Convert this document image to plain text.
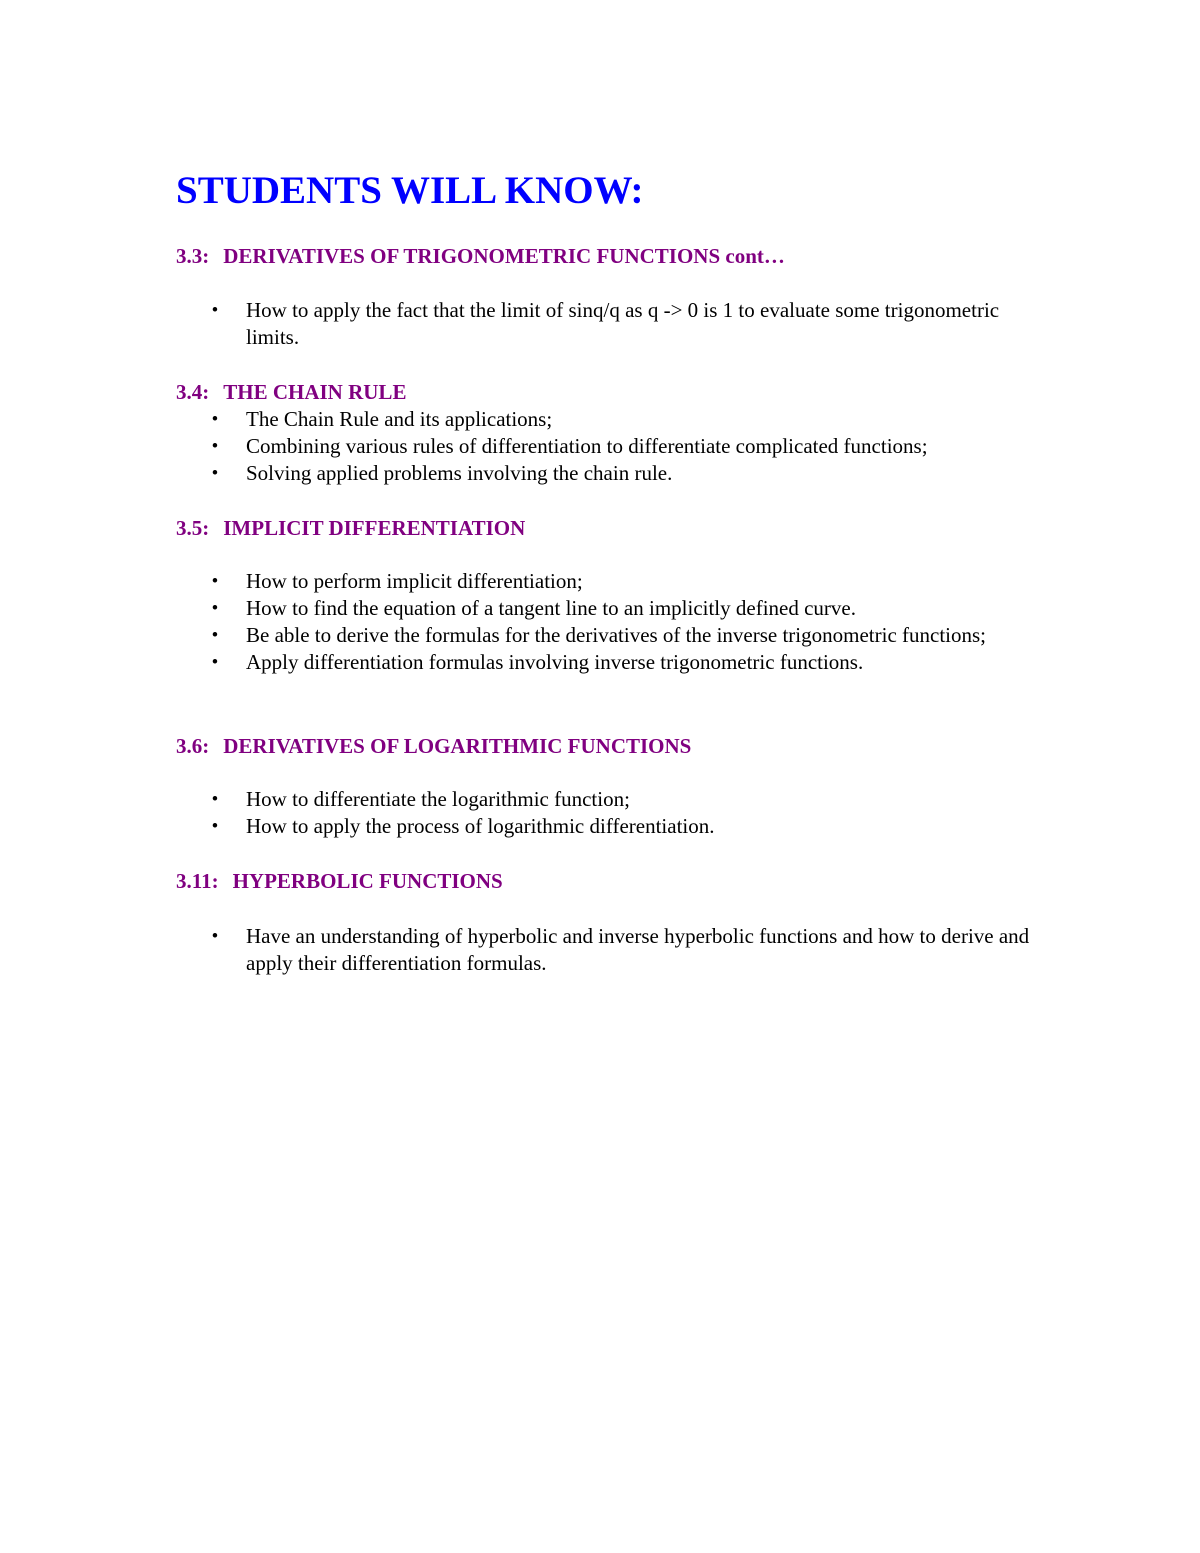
STUDENTS WILL KNOW:
3.3: DERIVATIVES OF TRIGONOMETRIC FUNCTIONS cont…
• How to apply the fact that the limit of sinq/q as q -> 0 is 1 to evaluate some trigonometric limits.
3.4: THE CHAIN RULE
• The Chain Rule and its applications;
• Combining various rules of differentiation to differentiate complicated functions;
• Solving applied problems involving the chain rule.
3.5: IMPLICIT DIFFERENTIATION
• How to perform implicit differentiation;
• How to find the equation of a tangent line to an implicitly defined curve.
• Be able to derive the formulas for the derivatives of the inverse trigonometric functions;
• Apply differentiation formulas involving inverse trigonometric functions.
3.6: DERIVATIVES OF LOGARITHMIC FUNCTIONS
• How to differentiate the logarithmic function;
• How to apply the process of logarithmic differentiation.
3.11: HYPERBOLIC FUNCTIONS
• Have an understanding of hyperbolic and inverse hyperbolic functions and how to derive and apply their differentiation formulas.
